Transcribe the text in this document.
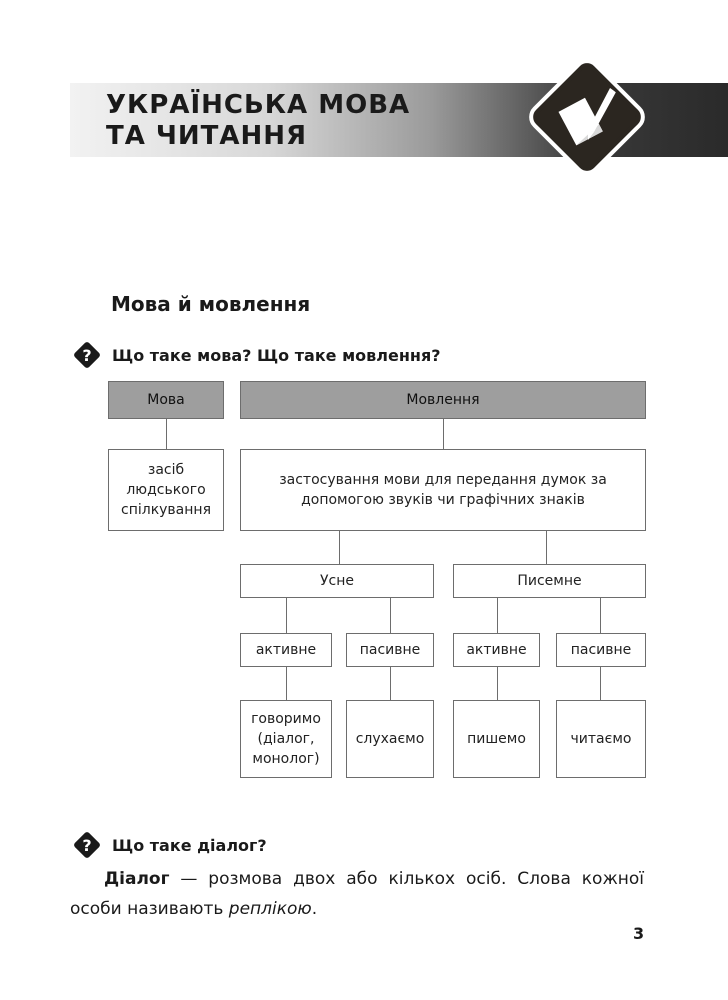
УКРАЇНСЬКА МОВА
ТА ЧИТАННЯ
Мова й мовлення
? Що таке мова? Що таке мовлення?
Мова	Мовлення
засіб людського спілкування
застосування мови для передання думок за допомогою звуків чи графічних знаків
Усне	Писемне
активне	пасивне	активне	пасивне
говоримо (діалог, монолог)
слухаємо	пишемо	читаємо
? Що таке діалог?

Діалог — розмова двох або кількох осіб. Слова кожної особи називають реплікою.

3
